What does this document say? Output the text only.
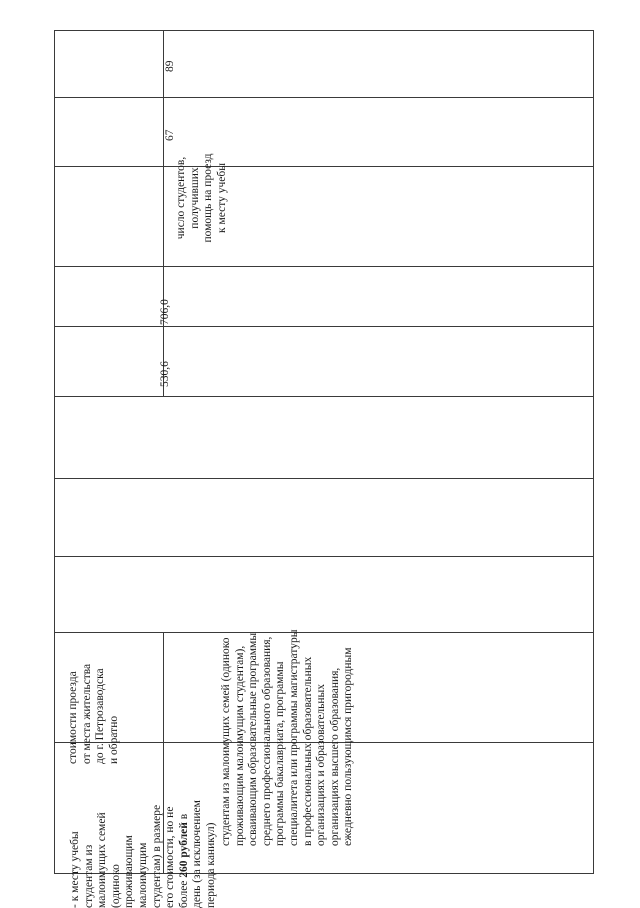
530,6
706,0
число студентов, получивших помощь на проезд к месту учебы
67
89
стоимости проезда от места жительства до г. Петрозаводска и обратно
- к месту учебы студентам из малоимущих семей (одиноко проживающим малоимущим студентам) в размере его стоимости, но не более 260 рублей в день (за исключением периода каникул)
студентам из малоимущих семей (одиноко проживающим малоимущим студентам), осваивающим образовательные программы среднего профессионального образования, программы бакалавриата, программы специалитета или программы магистратуры в профессиональных образовательных организациях и образовательных организациях высшего образования, ежедневно пользующимся пригородным
